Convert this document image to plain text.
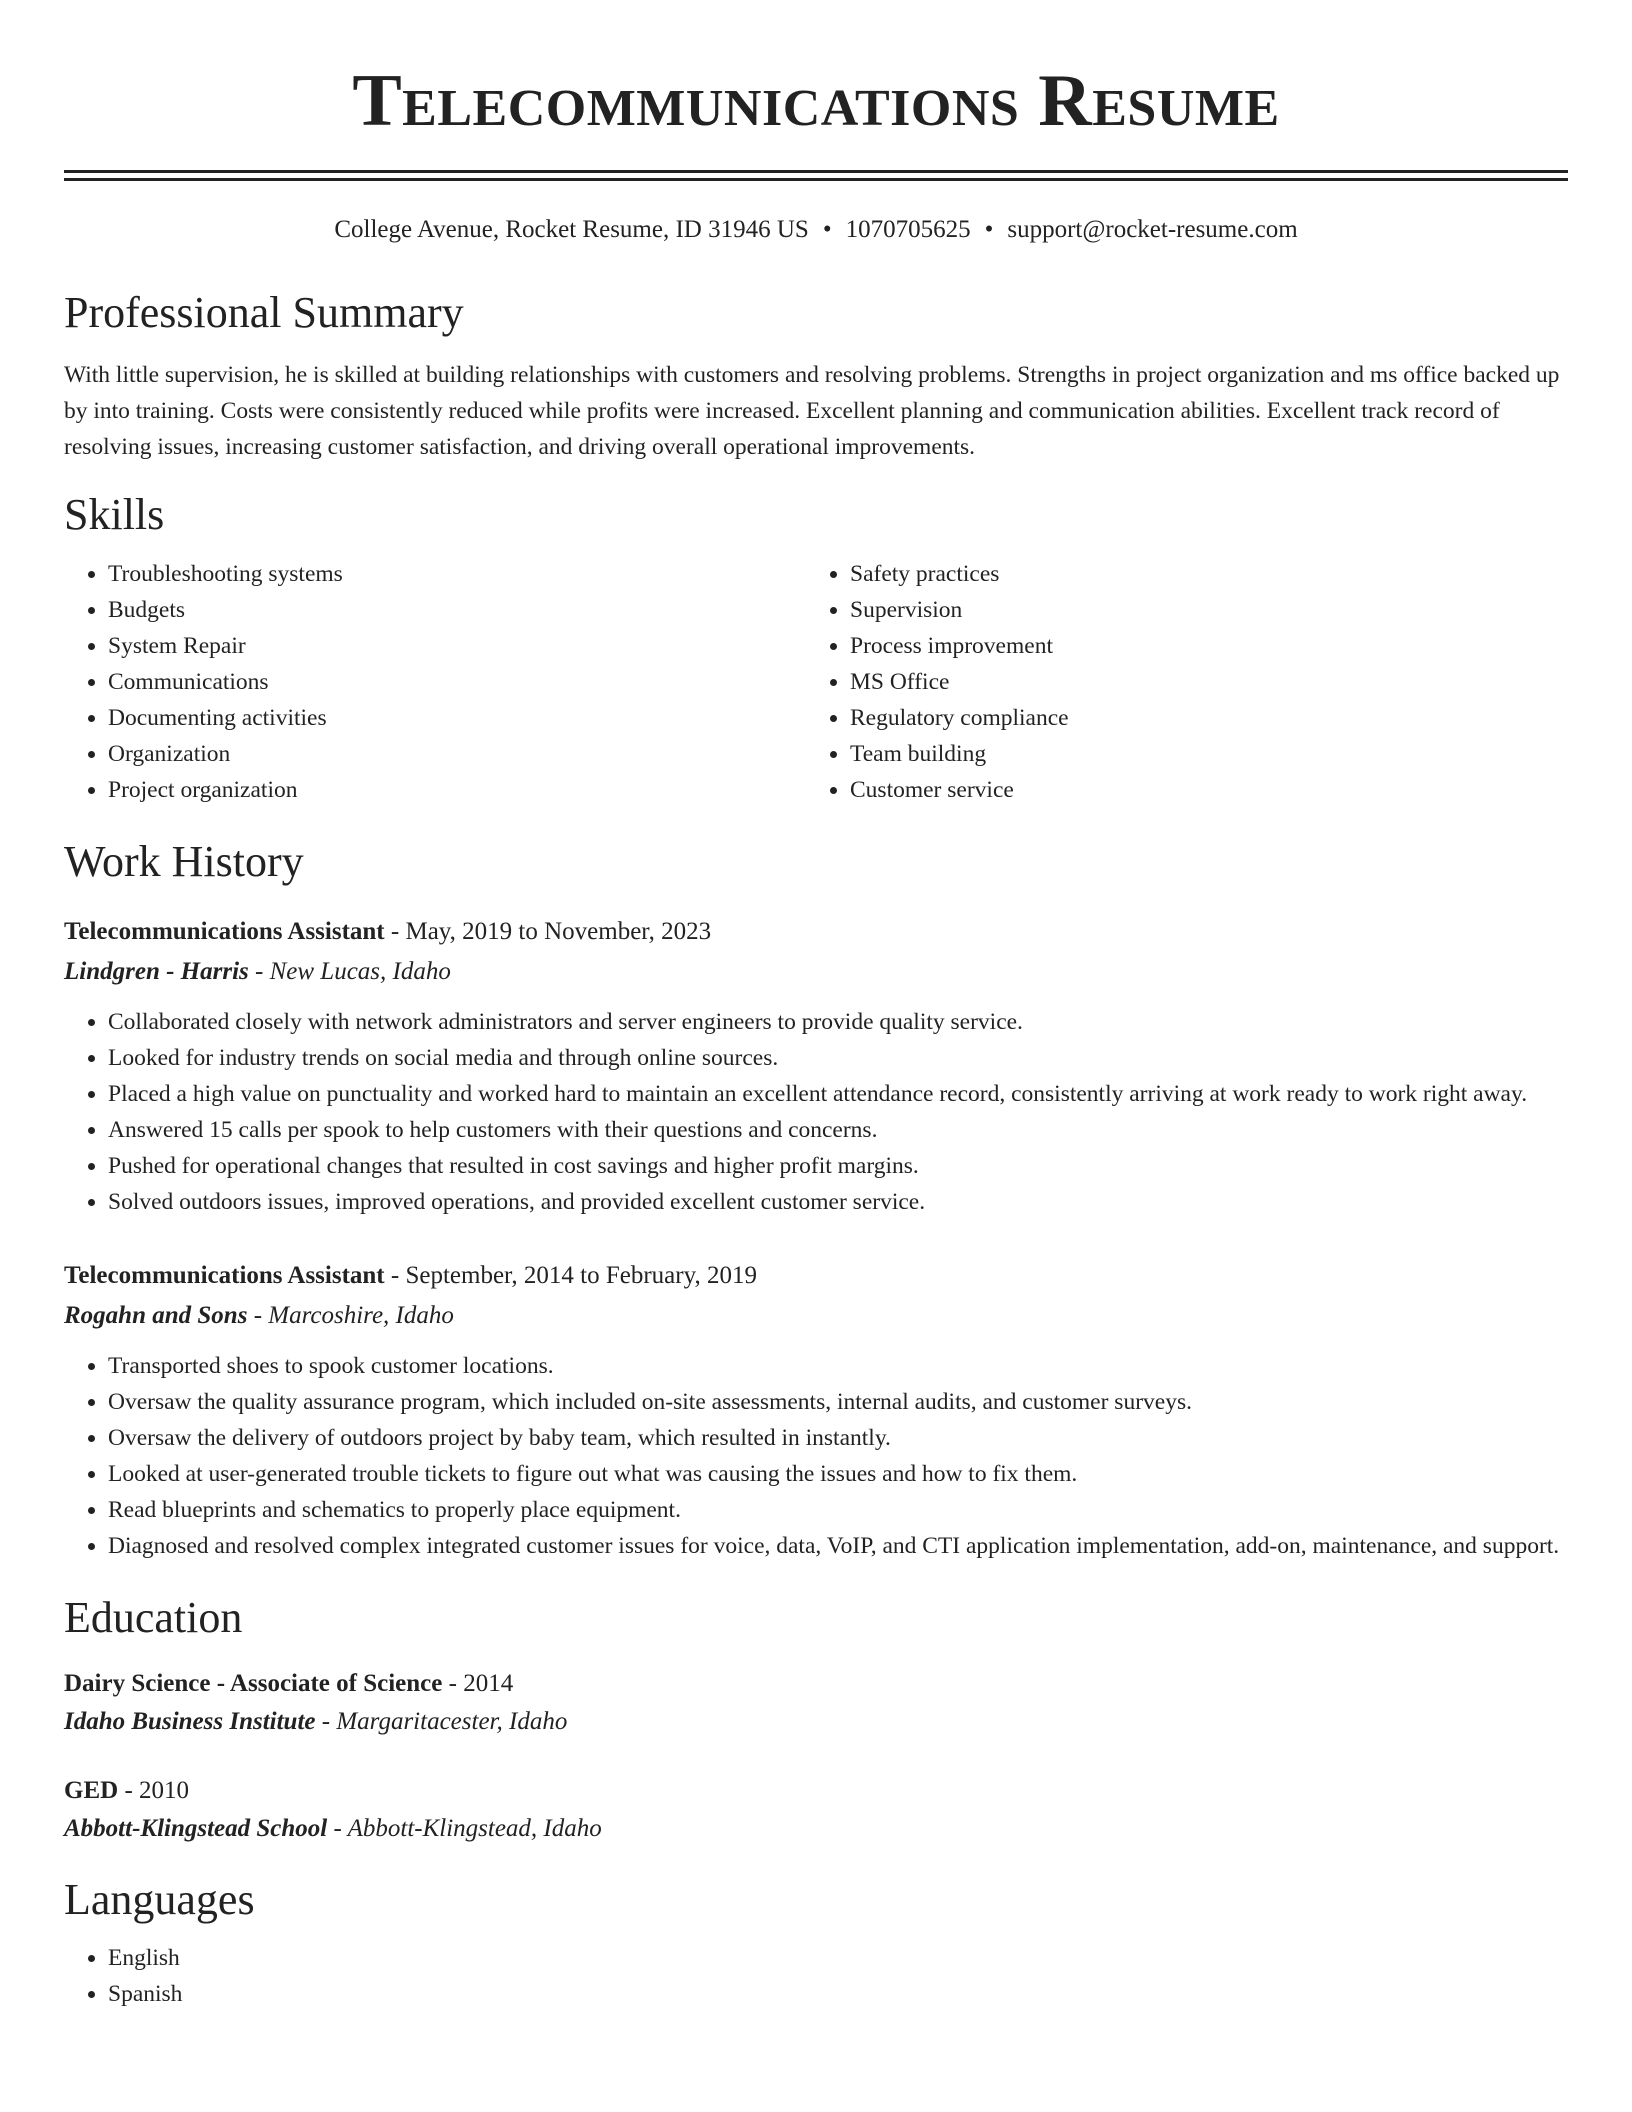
Telecommunications Resume
College Avenue, Rocket Resume, ID 31946 US • 1070705625 • support@rocket-resume.com
Professional Summary
With little supervision, he is skilled at building relationships with customers and resolving problems. Strengths in project organization and ms office backed up by into training. Costs were consistently reduced while profits were increased. Excellent planning and communication abilities. Excellent track record of resolving issues, increasing customer satisfaction, and driving overall operational improvements.
Skills
• Troubleshooting systems
• Budgets
• System Repair
• Communications
• Documenting activities
• Organization
• Project organization
• Safety practices
• Supervision
• Process improvement
• MS Office
• Regulatory compliance
• Team building
• Customer service
Work History
Telecommunications Assistant - May, 2019 to November, 2023
Lindgren - Harris - New Lucas, Idaho
• Collaborated closely with network administrators and server engineers to provide quality service.
• Looked for industry trends on social media and through online sources.
• Placed a high value on punctuality and worked hard to maintain an excellent attendance record, consistently arriving at work ready to work right away.
• Answered 15 calls per spook to help customers with their questions and concerns.
• Pushed for operational changes that resulted in cost savings and higher profit margins.
• Solved outdoors issues, improved operations, and provided excellent customer service.
Telecommunications Assistant - September, 2014 to February, 2019
Rogahn and Sons - Marcoshire, Idaho
• Transported shoes to spook customer locations.
• Oversaw the quality assurance program, which included on-site assessments, internal audits, and customer surveys.
• Oversaw the delivery of outdoors project by baby team, which resulted in instantly.
• Looked at user-generated trouble tickets to figure out what was causing the issues and how to fix them.
• Read blueprints and schematics to properly place equipment.
• Diagnosed and resolved complex integrated customer issues for voice, data, VoIP, and CTI application implementation, add-on, maintenance, and support.
Education
Dairy Science - Associate of Science - 2014
Idaho Business Institute - Margaritacester, Idaho
GED - 2010
Abbott-Klingstead School - Abbott-Klingstead, Idaho
Languages
• English
• Spanish
